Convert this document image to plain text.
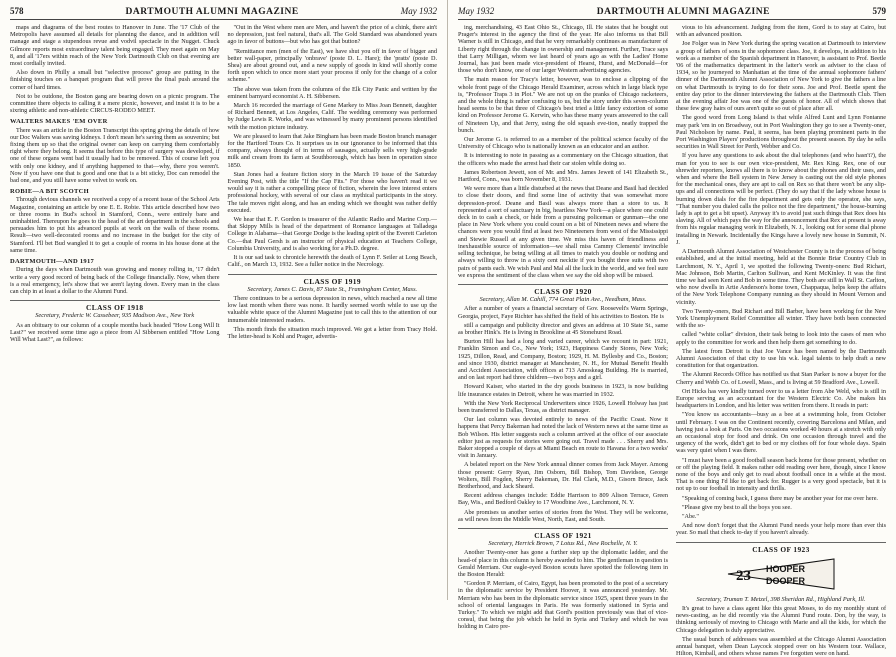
578	DARTMOUTH ALUMNI MAGAZINE	May 1932

maps and diagrams of the best routes to Hanover in June. The '17 Club of the Metropolis have assumed all details for planning the dance, and in addition will manage and stage a stupendous revue and vodvil spectacle in the Nugget. Chuck Gilmore reports most extraordinary talent being engaged. They meet again on May 8, and all '17ers within reach of the New York Dartmouth Club on that evening are most cordially invited.

Also down in Philly a small but "selective process" group are putting in the finishing touches on a banquet program that will prove the final push around the corner of hard times.

Not to be outdone, the Boston gang are bearing down on a picnic program. The committee there objects to calling it a mere picnic, however, and insist it is to be a sixring athletic and non-athletic CIRCUS-RODEO MEET.

WALTERS MAKES 'EM OVER

There was an article in the Boston Transcript this spring giving the details of how our Doc Walters was saving kidneys. I don't mean he's saving them as souvenirs; but fixing them up so that the original owner can keep on carrying them comfortably right where they belong. It seems that before this type of surgery was developed, if one of these organs went bad it usually had to be removed. This of course left you with only one kidney, and if anything happened to that—why, there you weren't. Now if you have one that is good and one that is a bit sticky, Doc can remodel the bad one, and you still have some velvet to work on.

ROBIE—A BIT SCOTCH

Through devious channels we received a copy of a recent issue of the School Arts Magazine, containing an article by one E. E. Robie. This article described how two or three rooms in Bud's school in Stamford, Conn., were entirely bare and uninhabited. Thereupon he goes to the head of the art department in the schools and persuades him to put his advanced pupils at work on the walls of these rooms. Result—two well-decorated rooms and no increase in the budget for the city of Stamford. I'll bet Bud wangled it to get a couple of rooms in his house done at the same time.

DARTMOUTH—AND 1917

During the days when Dartmouth was growing and money rolling in, '17 didn't write a very good record of being back of the College financially. Now, when there is a real emergency, let's show that we aren't laying down. Every man in the class can chip in at least a dollar to the Alumni Fund.

CLASS OF 1918
Secretary, Frederic W. Cassebeer, 935 Madison Ave., New York

As an obituary to our column of a couple months back headed "How Long Will It Last?" we received some time ago a piece from Al Sibbersen entitled "How Long Will What Last?", as follows:

"Out in the West where men are Men, and haven't the price of a chink, there ain't no depression, just feel natural, that's all. The Gold Standard was abandoned years ago in favor of buttons—but who has got that button?

"Remittance men (men of the East), we have shut you off in favor of bigger and better wall-paper, principally 'onbrave' (poste D. L. Hare); the 'pratts' (poste D. Shea) are about ground out, and a new supply of goods in kind will shortly come forth upon which to once more start your process if only for the change of a color scheme."

The above was taken from the columns of the Elk City Panic and written by the eminent barnyard economist A. H. Sibbersen.

March 16 recorded the marriage of Gene Markey to Miss Joan Bennett, daughter of Richard Bennett, at Los Angeles, Calif. The wedding ceremony was performed by Judge Lewis R. Works, and was witnessed by many prominent persons identified with the motion picture industry.

We are pleased to learn that Jake Bingham has been made Boston branch manager for the Hartford Tours Co. It surprises us in our ignorance to be informed that this company, always thought of in terms of sausages, actually sells very high-grade milk and cream from its farm at Southborough, which has been in operation since 1850.

Stan Jones had a feature fiction story in the March 19 issue of the Saturday Evening Post, with the title "If the Cap Fits." For those who haven't read it we would say it is rather a compelling piece of fiction, wherein the love interest enters professional hockey, with several of our class as mythical participants in the story. The tale moves right along, and has an ending which we thought was rather deftly executed.

We hear that E. F. Gordon is treasurer of the Atlantic Radio and Marine Corp.—that Skippy Mills is head of the department of Romance languages at Talladega College in Alabama—that George Dodge is the leading spirit of the Everett Carleton Co.—that Paul Gersh is an instructor of physical education at Teachers College, Columbia University, and is also working for a Ph.D. degree.

It is our sad task to chronicle herewith the death of Lynn F. Seiler at Long Beach, Calif., on March 13, 1932. See a fuller notice in the Necrology.

CLASS OF 1919
Secretary, James C. Davis, 87 State St., Framingham Center, Mass.

There continues to be a serious depression in news, which reached a new all time low last month when there was none. It hardly seemed worth while to use up the valuable white space of the Alumni Magazine just to call this to the attention of our innumerable interested readers.

This month finds the situation much improved. We got a letter from Tracy Hold. The letter-head is Kohl and Prager, advertis-

May 1932	DARTMOUTH ALUMNI MAGAZINE	579

ing, merchandising, 43 East Ohio St., Chicago, Ill. He states that he bought out Prager's interest in the agency the first of the year. He also informs us that Bill Warner is still in Chicago, and that he very remarkably continues as manufacturer of Liberty right through the change in ownership and management. Further, Trace says that Larry Milligan, whom we last heard of years ago as with the Ladies' Home Journal, has just been made vice-president of Hearst, Hurst, and McDonald—for those who don't know, one of our larger Western advertising agencies.

The main reason for Tracy's letter, however, was to enclose a clipping of the whole front page of the Chicago Herald Examiner, across which in large black type is, "Professor Traps 3 in Plot." We are not up on the pranks of Chicago racketeers, and the whole thing is rather confusing to us, but the story under this seven-column head seems to be that three of Chicago's best tried a little fancy extortion of some kind on Professor Jerome G. Kerwin, who has these many years answered to the call of Nineteen Up, and that Jerry, using the old squash eve-tion, neatly trapped the bunch.

Our Jerome G. is referred to as a member of the political science faculty of the University of Chicago who is nationally known as an educator and an author.

It is interesting to note in passing as a commentary on the Chicago situation, that the officers who made the arrest had their car stolen while doing so.

James Robertson Jewett, son of Mr. and Mrs. James Jewett of 141 Elizabeth St., Hartford, Conn., was born November 8, 1931.

We were more than a little disturbed at the news that Deane and Basil had decided to close their doors, and find some line of activity that was somewhat more depression-proof. Deane and Basil was always more than a store to us. It represented a sort of sanctuary in big, heartless New York—a place where one could deck in to cash a check, or hide from a pursuing policeman or gunman—the one place in New York where you could count on a bit of Nineteen news and where the chances were you would find at least two Nineteeners from west of the Mississippi and Stewie Russell at any given time. We miss this haven of friendliness and inexhaustible source of information—we shall miss Cammy Clements' invincible selling technique, he being willing at all times to match you double or nothing and always willing to throw in a sixty cent necktie if you bought three suits with two pairs of pants each. We wish Paul and Mal all the luck in the world, and we feel sure we express the sentiment of the class when we say the old shop will be missed.

CLASS OF 1920
Secretary, Allan M. Cahill, 774 Great Plain Ave., Needham, Mass.

After a number of years a financial secretary of Gov. Roosevelt's Warm Springs, Georgia, project, Faye Richter has shifted the field of his activities to Boston. He is

still a campaign and publicity director and gives an address at 10 State St., same as brother Hink's. He is living in Brookline at 45 Stonehurst Road.

Burton Hill has had a long and varied career, which we recount in part: 1921, Franklin Simon and Co., New York; 1923, Happiness Candy Stores, New York; 1925, Dillon, Read, and Company, Boston; 1929, H. M. Byllesby and Co., Boston; and since 1930, district manager at Manchester, N. H., for Mutual Benefit Health and Accident Association, with offices at 713 Amoskeag Building. He is married, and on last report had three children—two boys and a girl.

Howard Kaiser, who started in the dry goods business in 1923, is now building life insurance estates in Detroit, where he was married in 1932.

With the New York Reciprocal Underwriters since 1926, Lowell Holway has just been transferred to Dallas, Texas, as district manager.

Our last column was devoted entirely to news of the Pacific Coast. Now it happens that Percy Bakeman had noted the lack of Western news at the same time as Bob Wilson. His letter suggests such a column arrived at the office of our associate editor just as requests for stories were going out. Travel made . . . Sherry and Mrs. Baker stopped a couple of days at Miami Beach en route to Havana for a two weeks' visit in January.

A belated report on the New York annual dinner comes from Jack Mayer. Among those present: Gerry Ryan, Jim Osborn, Bill Bishop, Tom Davidson, George Wolters, Bill Fogden, Sherry Bakeman, Dr. Hal Clark, M.D., Gisorn Bruce, Jack Brotherhood, and Jack Sheard.

Recent address changes include: Eddie Harrison to 809 Alison Terrace, Green Bay, Wis., and Bedford Oakley to 17 Woodbine Ave., Larchmont, N. Y.

Abe promises us another series of stories from the West. They will be welcome, as will news from the Middle West, North, East, and South.

CLASS OF 1921
Secretary, Herrick Brown, 7 Lotus Rd., New Rochelle, N. Y.

Another Twenty-oner has gone a further step up the diplomatic ladder, and the head-of place in this column is hereby awarded to him. The gentleman in question is Gerald Merriam. Our eagle-eyed Boston scouts have spotted the following item in the Boston Herald:

"Gordon P. Merriam, of Cairo, Egypt, has been promoted to the post of a secretary in the diplomatic service by President Hoover, it was announced yesterday. Mr. Merriam who has been in the diplomatic service since 1925, spent three years in the school of oriental languages in Paris. He was formerly stationed in Syria and Turkey." To which we might add that Gord's position previously was that of vice-consul, that being the job which he held in Syria and Turkey and which he was holding in Cairo pre-

vious to his advancement. Judging from the item, Gord is to stay at Cairo, but with an advanced position.

Joe Folger was in New York during the spring vacation at Dartmouth to interview a group of fathers of sons in the sophomore class. Joe, it develops, in addition to his work as a member of the Spanish department in Hanover, is assistant to Prof. Beetle '06 of the mathematics department in the latter's work as adviser to the class of 1934, so he journeyed to Manhattan at the time of the annual sophomore fathers' dinner of the Dartmouth Alumni Association of New York to give the fathers a line on what Dartmouth is trying to do for their sons. Joe and Prof. Beetle spent the entire day prior to the dinner interviewing the fathers at the Dartmouth Club. Then at the evening affair Joe was one of the guests of honor. All of which shows that these few gray hairs of ours aren't quite so out of place after all.

The good word from Long Island is that while Alfred Lunt and Lynn Fontanne may park 'em in on Broadway, out in Port Washington they go to see a Twenty-oner, Paul Nicholson by name. Paul, it seems, has been playing prominent parts in the Port Washington Players' productions throughout the present season. By day he sells securities in Wall Street for Perth, Webber and Co.

If you have any questions to ask about the dial telephones (and who hasn't?), the man for you to see is our own vice-president, Mr. Rex King. Rex, one of our shrewder reporters, knows all there is to know about the phones and their uses, and when and where the Bell system in New Jersey is casting out the old style phones for the mechanical ones, they are apt to call on Rex so that there won't be any slip-ups and all connections will be perfect. (They do say that if the lady whose house is burning down dials for the fire department and gets only the operator, she says, "That number you dialed calls the police not the fire department," the house-burning lady is apt to get a bit upset). Anyway it's to avoid just such things that Rex does his slaving. All of which pays the way for the announcement that Rex at present is away from his regular managing work in Elizabeth, N. J., looking out for some dial phone installing in Newark. Incidentally the Kings have a lovely new house in Summit, N. J.

A Dartmouth Alumni Association of Westchester County is in the process of being established, and at the initial meeting, held at the Bonnie Briar Country Club in Larchmont, N. Y., April 1, we spotted the following Twenty-oners: Bud Richart, Mac Johnson, Bob Martin, Carlton Sullivan, and Kent McKinley. It was the first time we had seen Kent and Bob in some time. They both are still in Wall St. Carlton, who now dwells in Artie Anderson's home town, Chappaqua, helps keep the affairs of the New York Telephone Company running as they should in Mount Vernon and vicinity.

Two Twenty-oners, Bud Richart and Bill Barber, have been working for the New York Unemployment Relief Committee all winter. They have both been connected with the so-

called "white collar" division, their task being to look into the cases of men who apply to the committee for work and then help them get something to do.

The latest from Detroit is that Joe Vance has been named by the Dartmouth Alumni Association of that city to use his w.k. legal talents to help draft a new constitution for that organization.

The Alumni Records Office has notified us that Stan Parker is now a buyer for the Cherry and Webb Co. of Lowell, Mass., and is living at 59 Bradford Ave., Lowell.

Ort Hicks has very kindly turned over to us a letter from Abe Weld, who is still in Europe serving as an accountant for the Western Electric Co. Abe makes his headquarters in London, and his letter was written from there. It reads in part:

"You know us accountants—busy as a bee at a swimming hole, from October until February. I was on the Continent recently, covering Barcelona and Milan, and having just a look at Paris. On two occasions worked 40 hours at a stretch with only an occasional stop for food and drink. On one occasion through travel and the urgency of the work, didn't get to bed or my clothes off for four whole days. Spain was very quiet when I was there.

"I must have been a good football season back home for those present, whether on or off the playing field. It makes rather odd reading over here, though, since I know none of the boys and only get to read about football once in a while at the most. That is one thing I'd like to get back for. Rugger is a very good spectacle, but it is not up to our football in intensity and thrills.

"Speaking of coming back, I guess there may be another year for me over here.

"Please give my best to all the boys you see.

"Abe."

And now don't forget that the Alumni Fund needs your help more than ever this year. So mail that check to-day if you haven't already.

CLASS OF 1923
23 HOOPER
DOOPER
Secretary, Truman T. Metzel, 398 Sheridan Rd., Highland Park, Ill.

It's great to have a class agent like this great Moses, to do my monthly stunt of news-casting, as he did recently via the Alumni Fund route. Don, by the way, is thinking seriously of moving to Chicago with Marie and all the kids, for which the Chicago delegation is duly appreciative.

The usual bunch of addresses was assembled at the Chicago Alumni Association annual banquet, when Dean Laycock stopped over on his Western tour. Wallace, Hilton, Kimball, and others whose names I've forgotten were on hand.
